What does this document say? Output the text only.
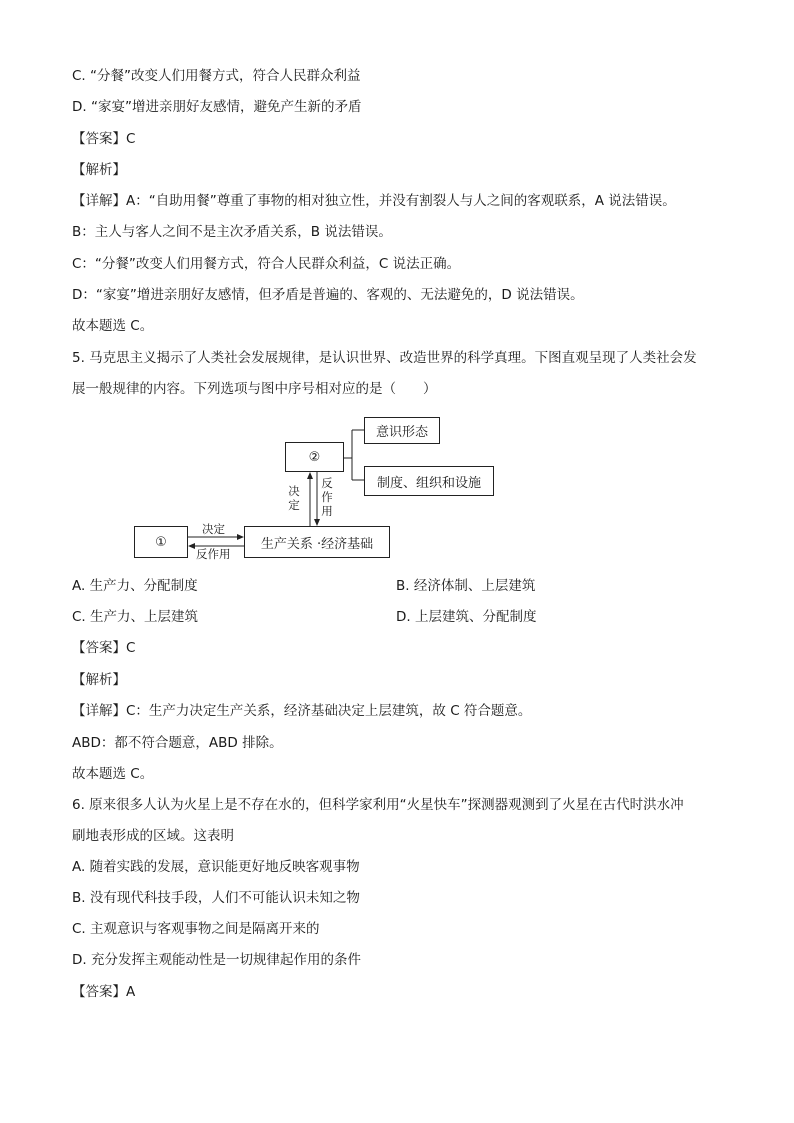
C. “分餐”改变人们用餐方式，符合人民群众利益
D. “家宴”增进亲朋好友感情，避免产生新的矛盾
【答案】C
【解析】
【详解】A：“自助用餐”尊重了事物的相对独立性，并没有割裂人与人之间的客观联系，A 说法错误。
B：主人与客人之间不是主次矛盾关系，B 说法错误。
C：“分餐”改变人们用餐方式，符合人民群众利益，C 说法正确。
D：“家宴”增进亲朋好友感情，但矛盾是普遍的、客观的、无法避免的，D 说法错误。
故本题选 C。
5. 马克思主义揭示了人类社会发展规律，是认识世界、改造世界的科学真理。下图直观呈现了人类社会发
展一般规律的内容。下列选项与图中序号相对应的是（　　）
①	生产关系 ·经济基础
②
意识形态
制度、组织和设施
决定
反作用
决
定
反
作
用
A. 生产力、分配制度	B. 经济体制、上层建筑
C. 生产力、上层建筑	D. 上层建筑、分配制度
【答案】C
【解析】
【详解】C：生产力决定生产关系，经济基础决定上层建筑，故 C 符合题意。
ABD：都不符合题意，ABD 排除。
故本题选 C。
6. 原来很多人认为火星上是不存在水的，但科学家利用“火星快车”探测器观测到了火星在古代时洪水冲
刷地表形成的区域。这表明
A. 随着实践的发展，意识能更好地反映客观事物
B. 没有现代科技手段，人们不可能认识未知之物
C. 主观意识与客观事物之间是隔离开来的
D. 充分发挥主观能动性是一切规律起作用的条件
【答案】A
